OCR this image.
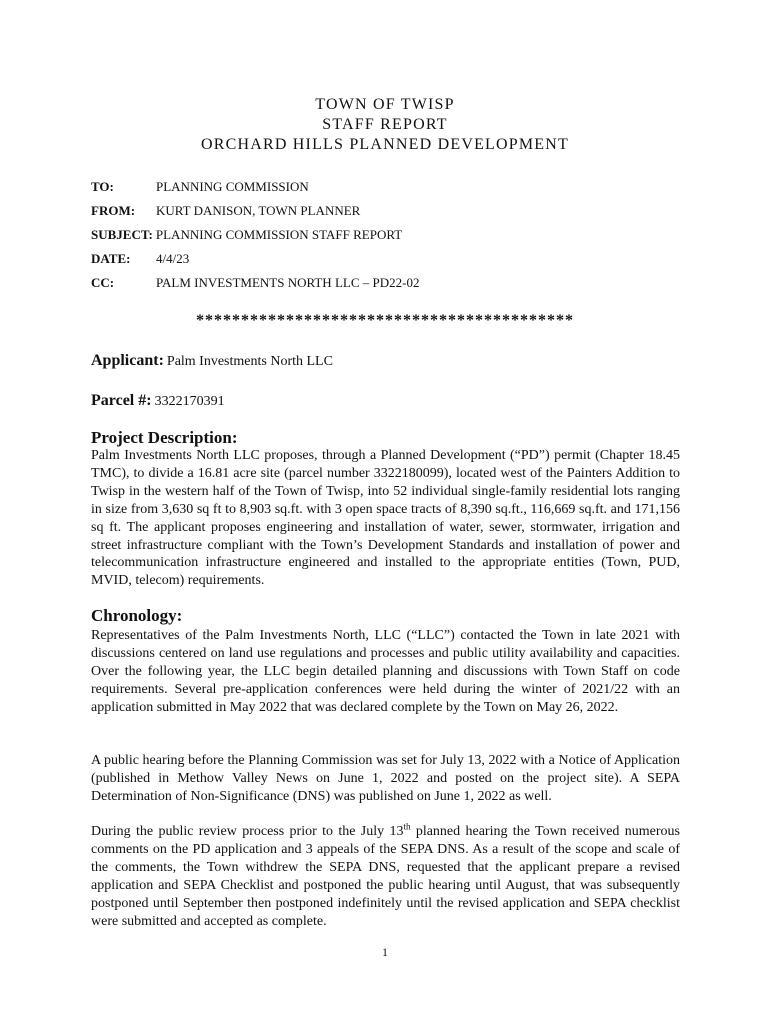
TOWN OF TWISP
STAFF REPORT
ORCHARD HILLS PLANNED DEVELOPMENT
TO:	PLANNING COMMISSION
FROM: KURT DANISON, TOWN PLANNER
SUBJECT: PLANNING COMMISSION STAFF REPORT
DATE: 4/4/23
CC:	PALM INVESTMENTS NORTH LLC – PD22-02
******************************************
Applicant: Palm Investments North LLC
Parcel #: 3322170391
Project Description:

Palm Investments North LLC proposes, through a Planned Development (“PD”) permit (Chapter 18.45 TMC), to divide a 16.81 acre site (parcel number 3322180099), located west of the Painters Addition to Twisp in the western half of the Town of Twisp, into 52 individual single-family residential lots ranging in size from 3,630 sq ft to 8,903 sq.ft. with 3 open space tracts of 8,390 sq.ft., 116,669 sq.ft. and 171,156 sq ft. The applicant proposes engineering and installation of water, sewer, stormwater, irrigation and street infrastructure compliant with the Town’s Development Standards and installation of power and telecommunication infrastructure engineered and installed to the appropriate entities (Town, PUD, MVID, telecom) requirements.

Chronology:

Representatives of the Palm Investments North, LLC (“LLC”) contacted the Town in late 2021 with discussions centered on land use regulations and processes and public utility availability and capacities. Over the following year, the LLC begin detailed planning and discussions with Town Staff on code requirements. Several pre-application conferences were held during the winter of 2021/22 with an application submitted in May 2022 that was declared complete by the Town on May 26, 2022.

A public hearing before the Planning Commission was set for July 13, 2022 with a Notice of Application (published in Methow Valley News on June 1, 2022 and posted on the project site). A SEPA Determination of Non-Significance (DNS) was published on June 1, 2022 as well.

During the public review process prior to the July 13th planned hearing the Town received numerous comments on the PD application and 3 appeals of the SEPA DNS. As a result of the scope and scale of the comments, the Town withdrew the SEPA DNS, requested that the applicant prepare a revised application and SEPA Checklist and postponed the public hearing until August, that was subsequently postponed until September then postponed indefinitely until the revised application and SEPA checklist were submitted and accepted as complete.

1
